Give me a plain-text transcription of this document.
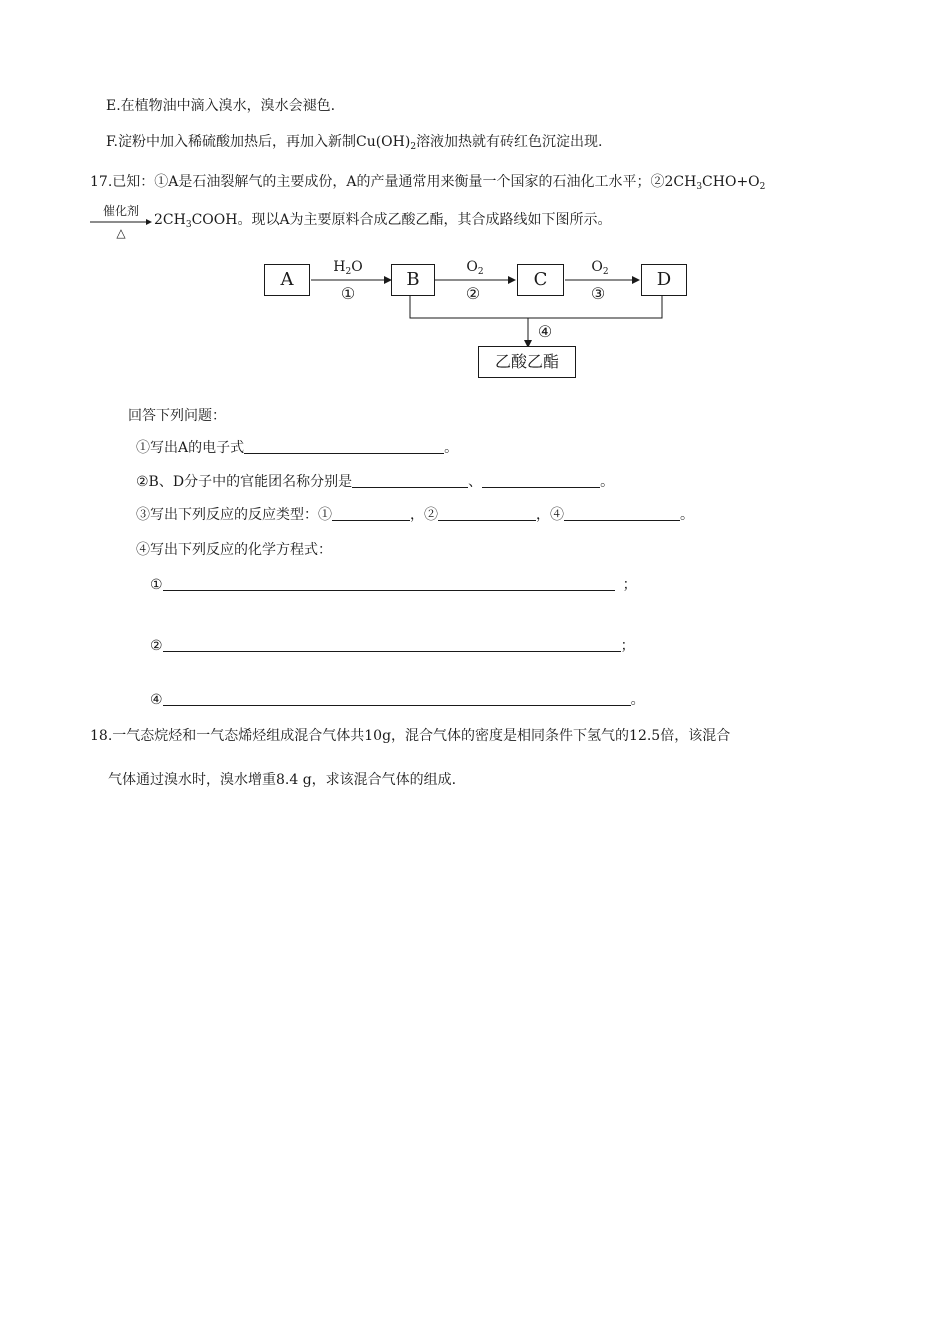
E.在植物油中滴入溴水，溴水会褪色.
F.淀粉中加入稀硫酸加热后，再加入新制$Cu(OH)_2$溶液加热就有砖红色沉淀出现.
17.已知：①A是石油裂解气的主要成份，A的产量通常用来衡量一个国家的石油化工水平；$②2CH_3CHO+O_2$
催化剂
△
$2CH_3COOH$。现以A为主要原料合成乙酸乙酯，其合成路线如下图所示。
A	B	C	D
乙酸乙酯
$H_2O$
①
$O_2$
②
$O_2$
③
④
回答下列问题：
①写出A的电子式	。
②B、D分子中的官能团名称分别是	、	。
③写出下列反应的反应类型：①	，②	，④	。
④写出下列反应的化学方程式：
①	；
②	；
④	。
18.一气态烷烃和一气态烯烃组成混合气体共10g，混合气体的密度是相同条件下氢气的12.5倍，该混合
气体通过溴水时，溴水增重8.4 g，求该混合气体的组成.
